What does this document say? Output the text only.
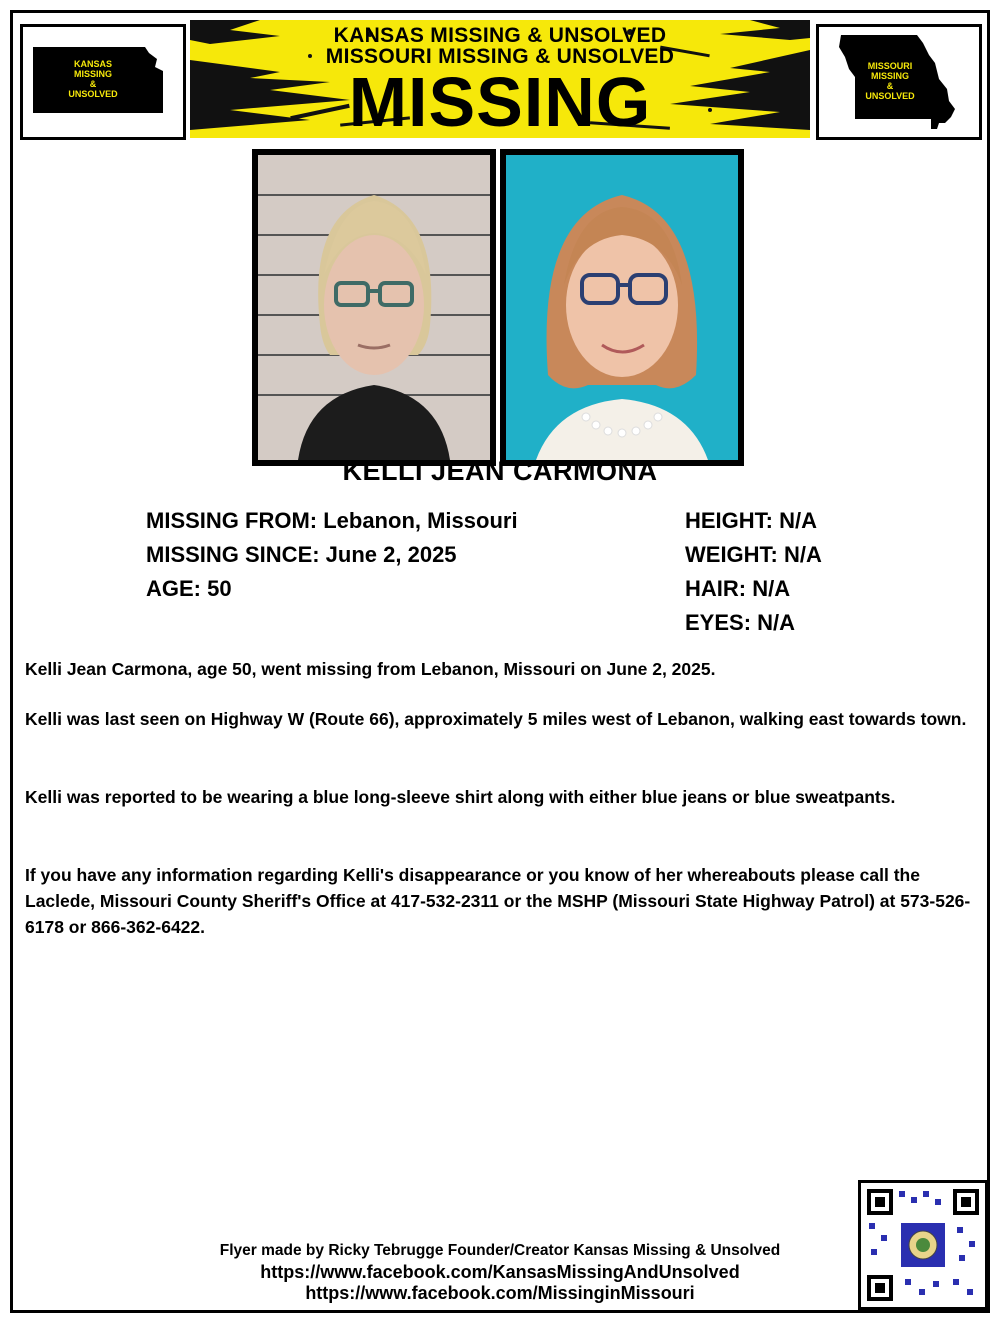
KANSAS
MISSING
&
UNSOLVED
KANSAS MISSING & UNSOLVED
MISSOURI MISSING & UNSOLVED
MISSING	MISSOURI
MISSING
&
UNSOLVED
KELLI JEAN CARMONA
MISSING FROM: Lebanon, Missouri
MISSING SINCE: June 2, 2025
AGE: 50
HEIGHT: N/A
WEIGHT: N/A
HAIR: N/A
EYES: N/A
Kelli Jean Carmona, age 50, went missing from Lebanon, Missouri on June 2, 2025.
Kelli was last seen on Highway W (Route 66), approximately 5 miles west of Lebanon, walking east towards town.
Kelli was reported to be wearing a blue long-sleeve shirt along with either blue jeans or blue sweatpants.
If you have any information regarding Kelli's disappearance or you know of her whereabouts please call the Laclede, Missouri County Sheriff's Office at 417-532-2311 or the MSHP (Missouri State Highway Patrol) at 573-526-6178 or 866-362-6422.
Flyer made by Ricky Tebrugge Founder/Creator Kansas Missing & Unsolved
https://www.facebook.com/KansasMissingAndUnsolved
https://www.facebook.com/MissinginMissouri
